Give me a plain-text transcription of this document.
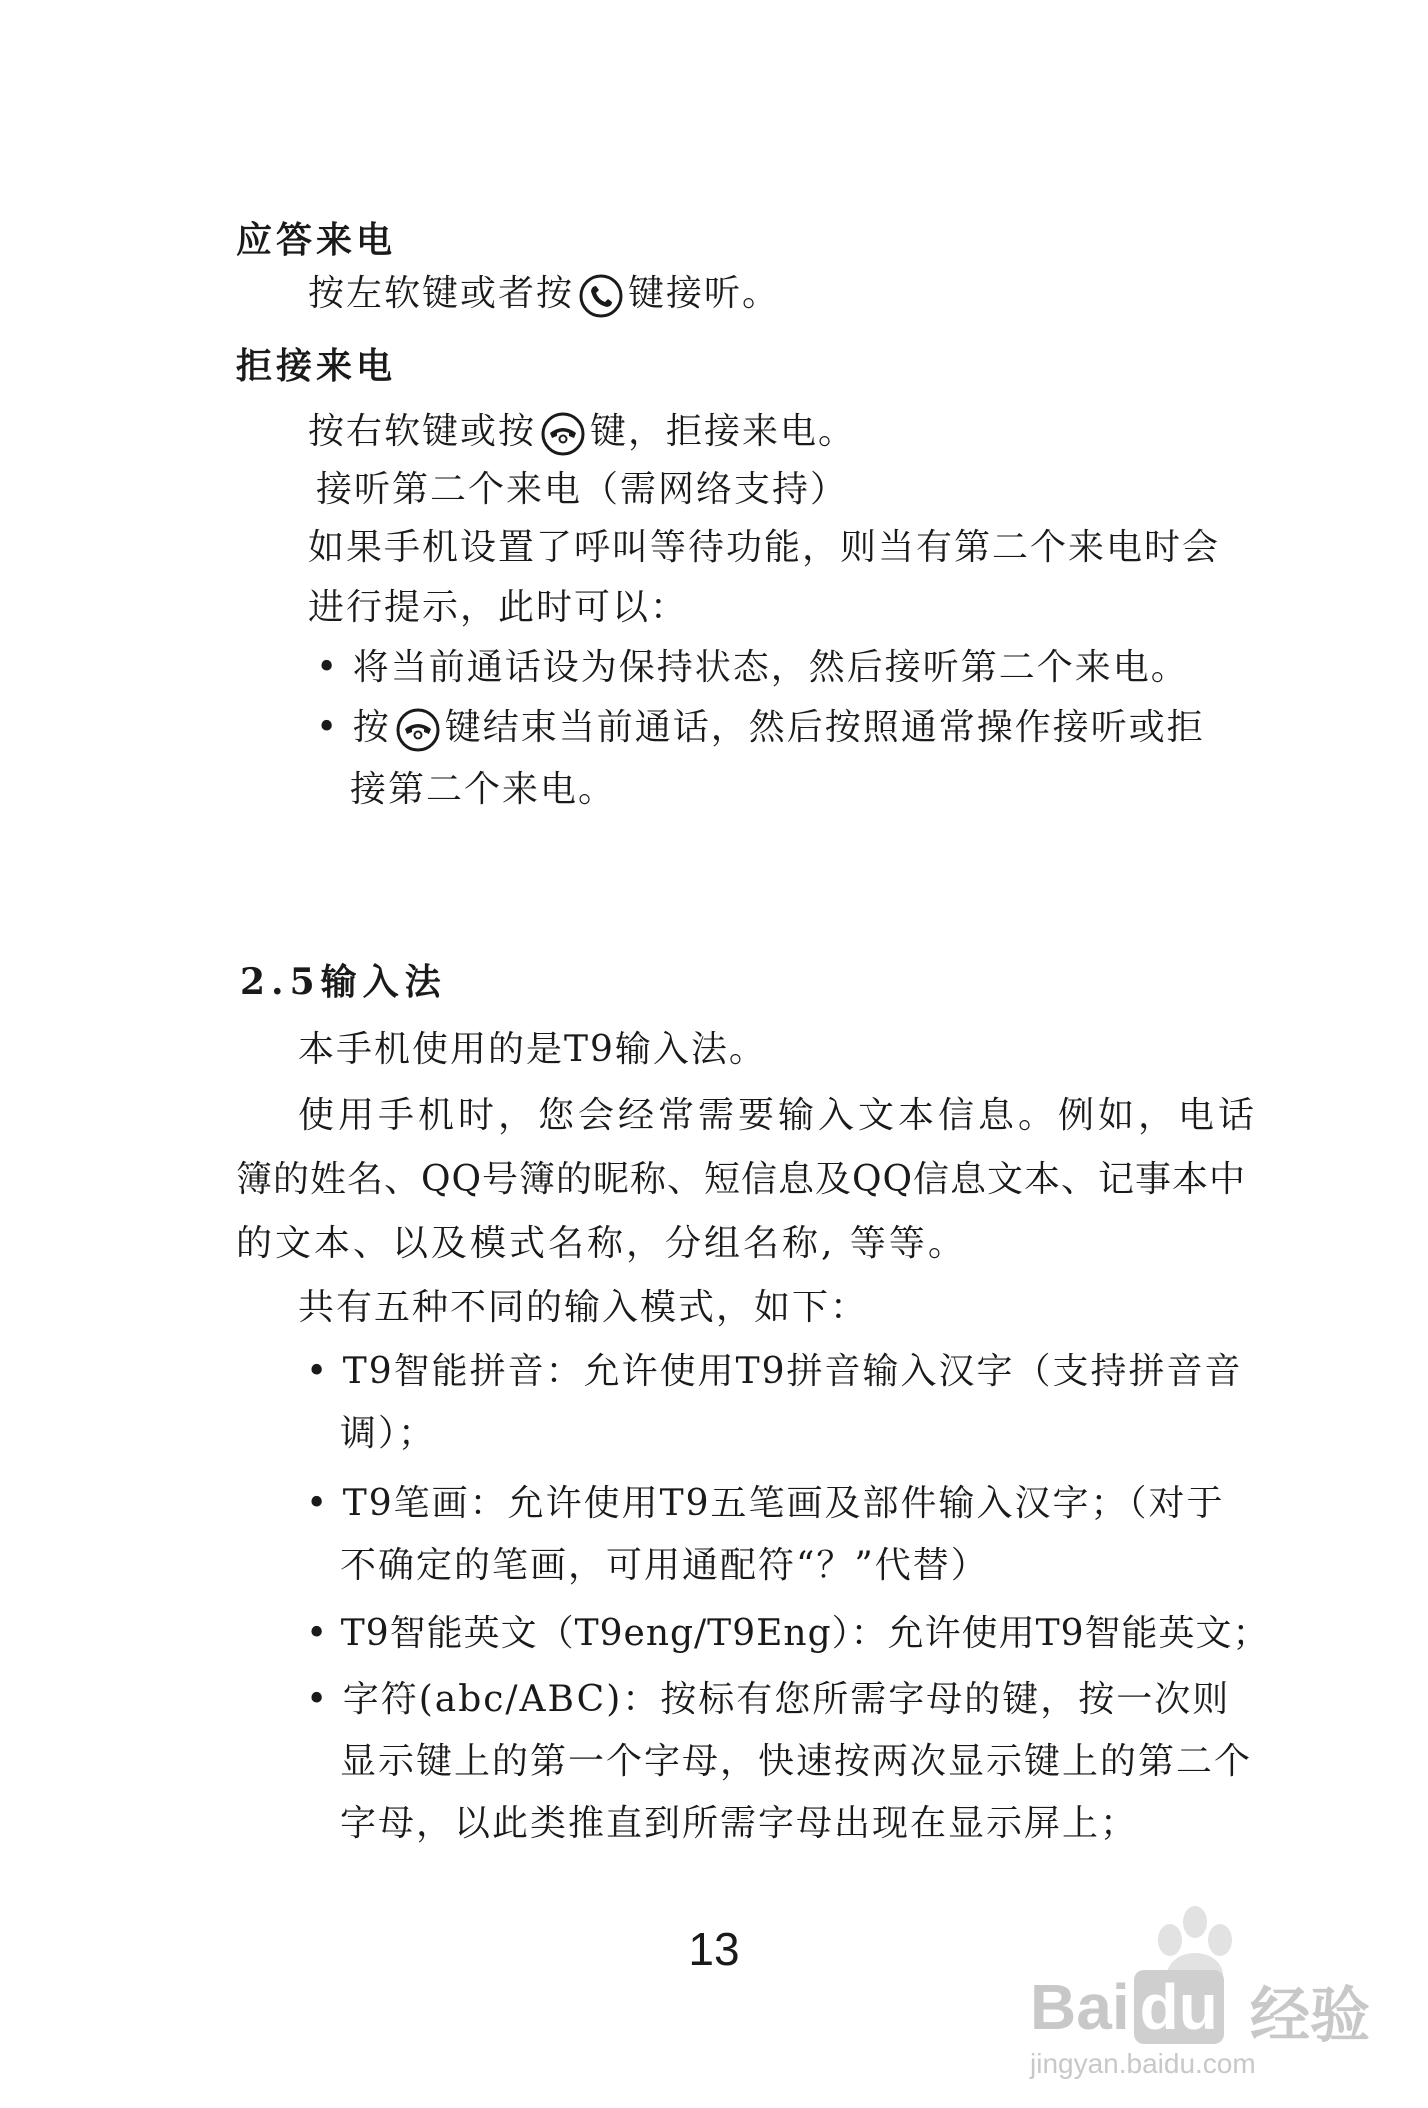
应答来电
按左软键或者按 键接听。
拒接来电
按右软键或按 键，拒接来电。
接听第二个来电（需网络支持）
如果手机设置了呼叫等待功能，则当有第二个来电时会
进行提示，此时可以：
• 将当前通话设为保持状态，然后接听第二个来电。
• 按 键结束当前通话，然后按照通常操作接听或拒
接第二个来电。
2.5输入法
本手机使用的是T9输入法。
使用手机时，您会经常需要输入文本信息。例如，电话
簿的姓名、QQ号簿的昵称、短信息及QQ信息文本、记事本中
的文本、以及模式名称，分组名称, 等等。
共有五种不同的输入模式，如下：
• T9智能拼音：允许使用T9拼音输入汉字（支持拼音音
调）；
• T9笔画：允许使用T9五笔画及部件输入汉字；（对于
不确定的笔画，可用通配符“？”代替）
• T9智能英文（T9eng/T9Eng）：允许使用T9智能英文；
• 字符(abc/ABC)：按标有您所需字母的键，按一次则
显示键上的第一个字母，快速按两次显示键上的第二个
字母，以此类推直到所需字母出现在显示屏上；
13
Bai du 经验
jingyan.baidu.com
